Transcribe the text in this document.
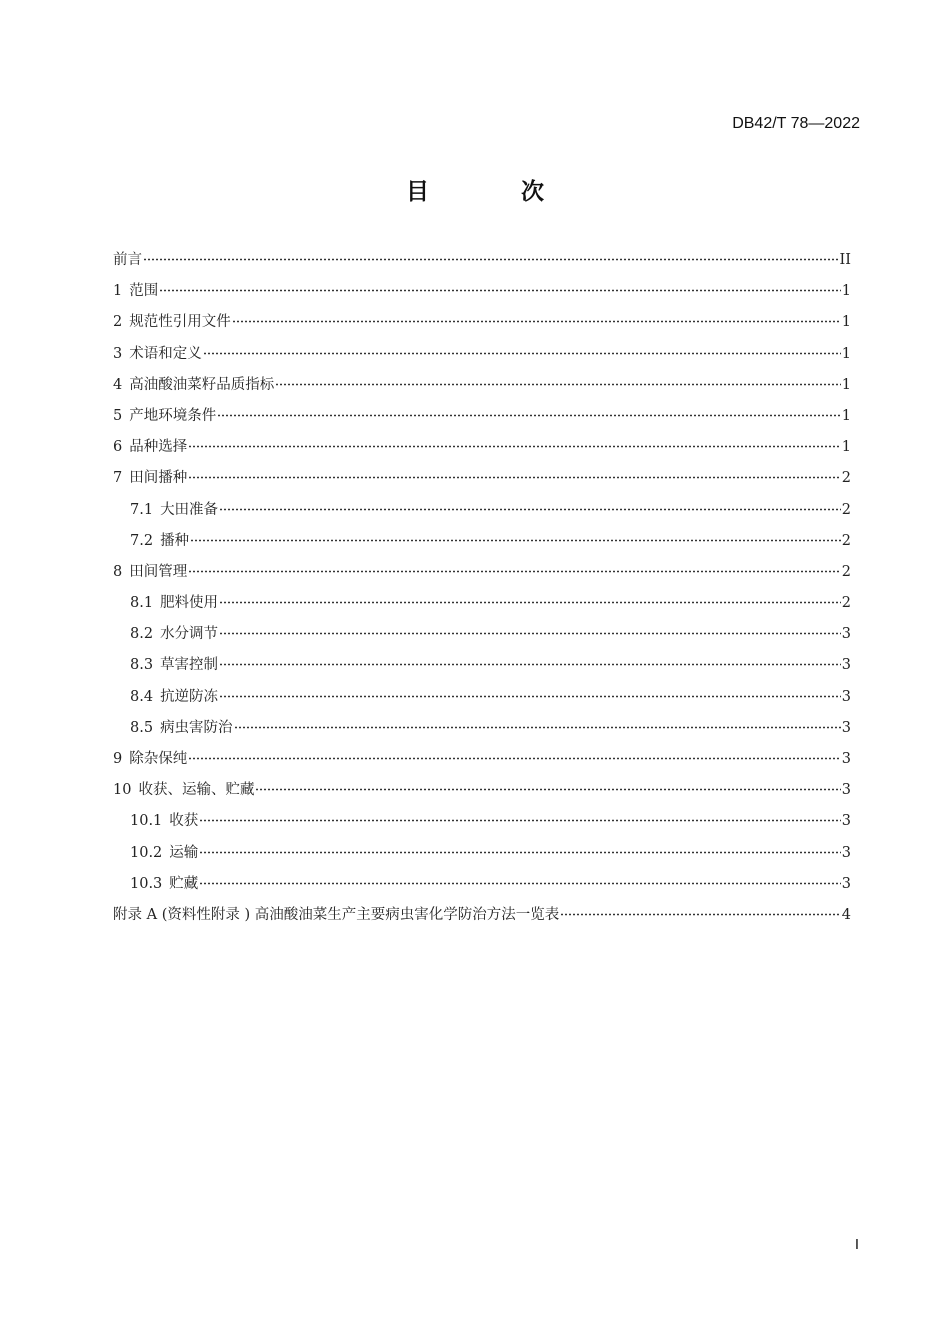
DB42/T 78—2022
目 次
前言	II
1 范围	1
2 规范性引用文件	1
3 术语和定义	1
4 高油酸油菜籽品质指标	1
5 产地环境条件	1
6 品种选择	1
7 田间播种	2
7.1 大田准备	2
7.2 播种	2
8 田间管理	2
8.1 肥料使用	2
8.2 水分调节	3
8.3 草害控制	3
8.4 抗逆防冻	3
8.5 病虫害防治	3
9 除杂保纯	3
10 收获、运输、贮藏	3
10.1 收获	3
10.2 运输	3
10.3 贮藏	3
附录 A (资料性附录 ) 高油酸油菜生产主要病虫害化学防治方法一览表	4
I
